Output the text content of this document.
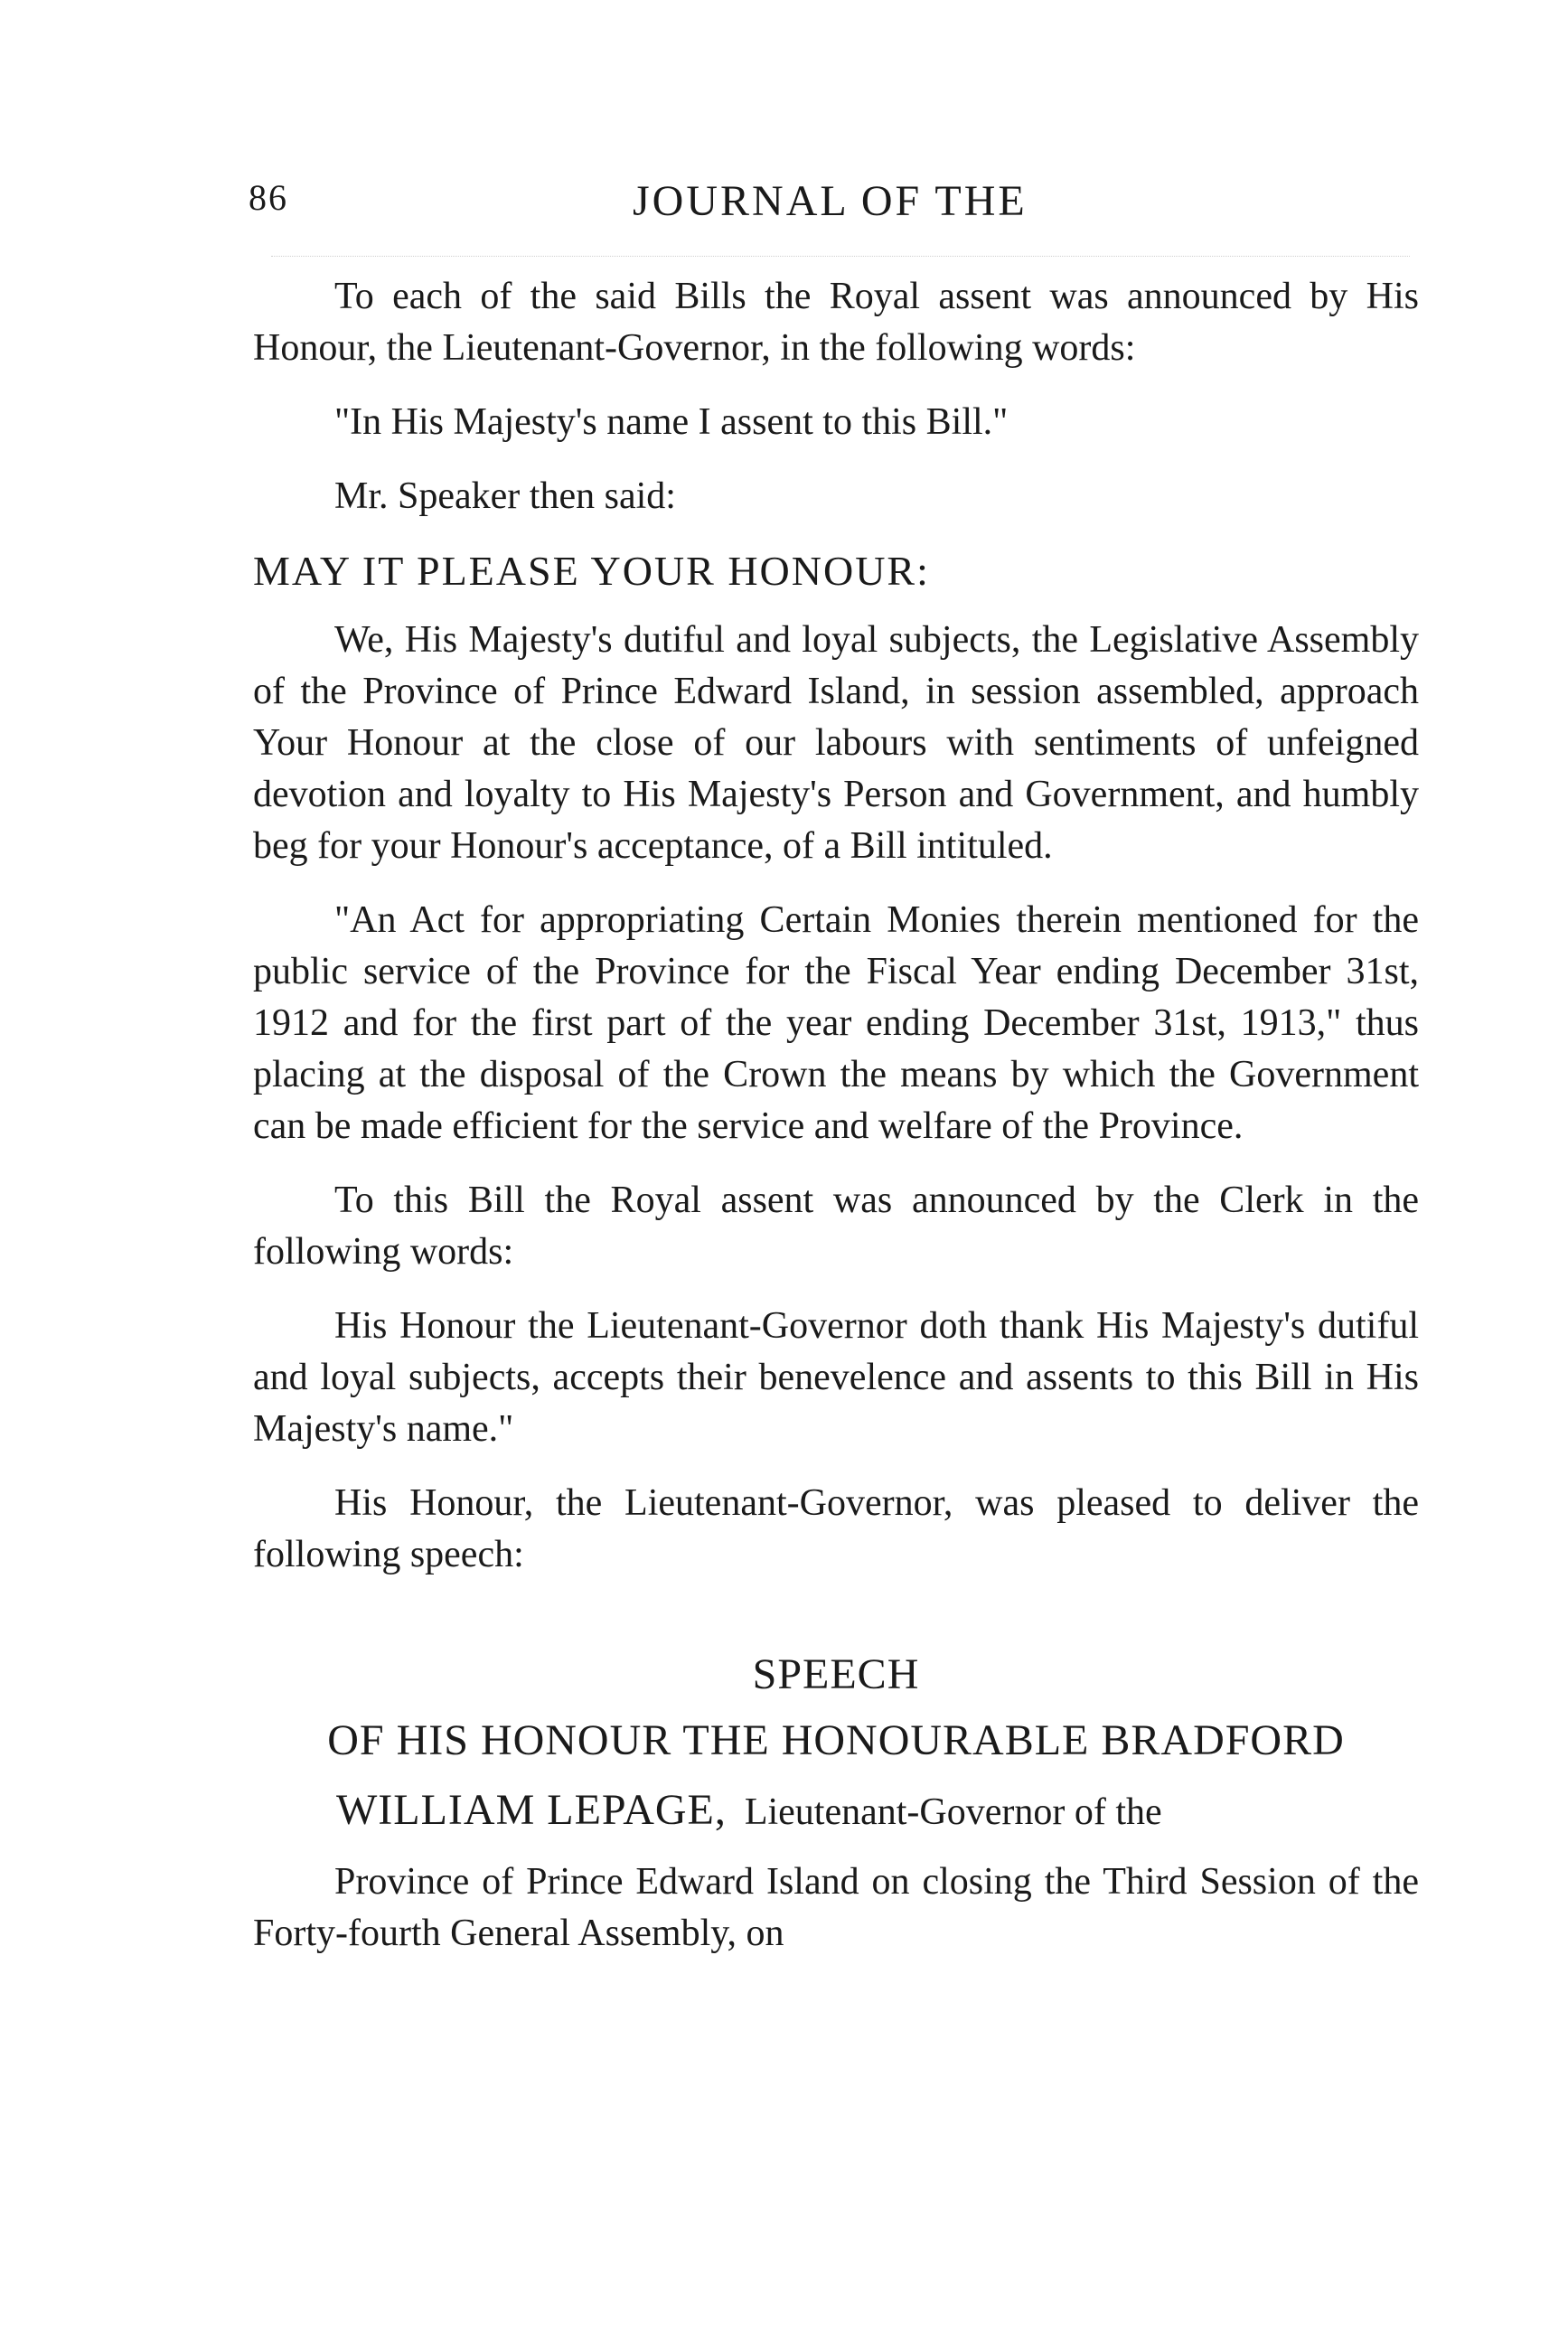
86	JOURNAL OF THE

To each of the said Bills the Royal assent was announced by His Honour, the Lieutenant-Governor, in the following words:

"In His Majesty's name I assent to this Bill."

Mr. Speaker then said:

MAY IT PLEASE YOUR HONOUR:

We, His Majesty's dutiful and loyal subjects, the Legislative Assembly of the Province of Prince Edward Island, in session assembled, approach Your Honour at the close of our labours with sentiments of unfeigned devotion and loyalty to His Majesty's Person and Government, and humbly beg for your Honour's acceptance, of a Bill intituled.

"An Act for appropriating Certain Monies therein mentioned for the public service of the Province for the Fiscal Year ending December 31st, 1912 and for the first part of the year ending December 31st, 1913," thus placing at the disposal of the Crown the means by which the Government can be made efficient for the service and welfare of the Province.

To this Bill the Royal assent was announced by the Clerk in the following words:

His Honour the Lieutenant-Governor doth thank His Majesty's dutiful and loyal subjects, accepts their benevelence and assents to this Bill in His Majesty's name."

His Honour, the Lieutenant-Governor, was pleased to deliver the following speech:

SPEECH
OF HIS HONOUR THE HONOURABLE BRADFORD
WILLIAM LEPAGE, Lieutenant-Governor of the

Province of Prince Edward Island on closing the Third Session of the Forty-fourth General Assembly, on
